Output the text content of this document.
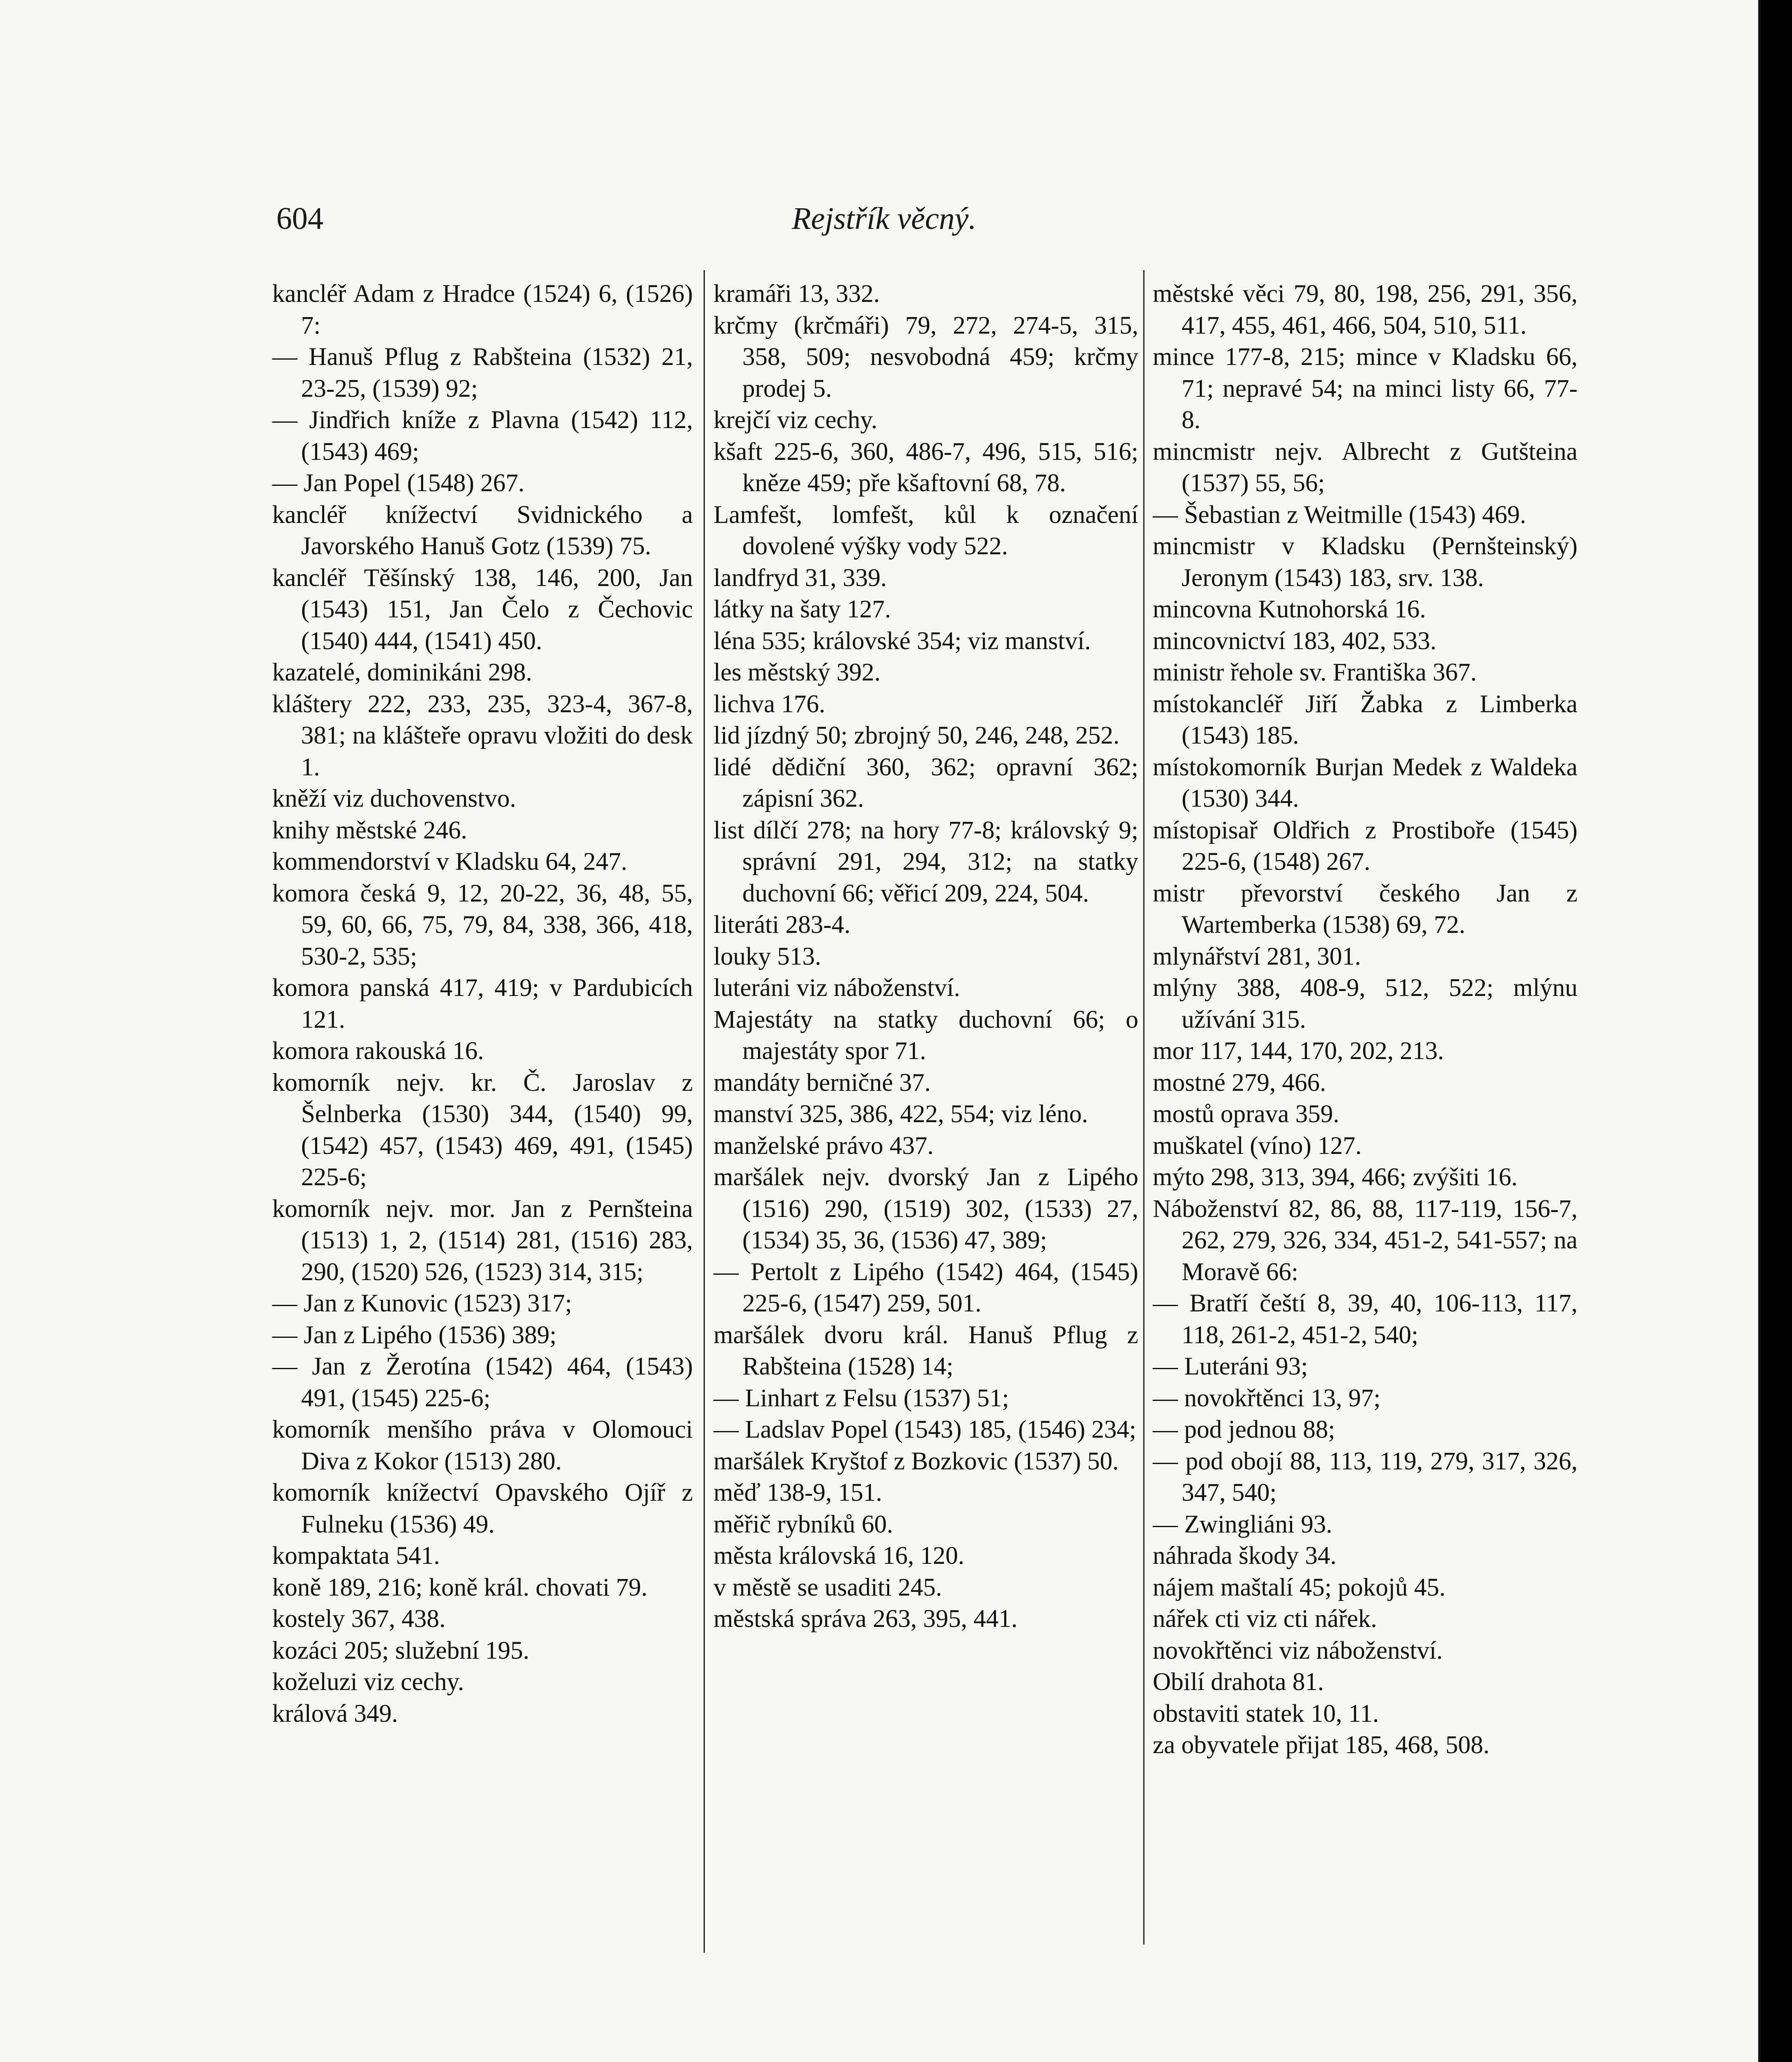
604	Rejstřík věcný.
kancléř Adam z Hradce (1524) 6, (1526) 7:
— Hanuš Pflug z Rabšteina (1532) 21, 23-25, (1539) 92;
— Jindřich kníže z Plavna (1542) 112, (1543) 469;
— Jan Popel (1548) 267.
kancléř knížectví Svidnického a Javorského Hanuš Gotz (1539) 75.
kancléř Těšínský 138, 146, 200, Jan (1543) 151, Jan Čelo z Čechovic (1540) 444, (1541) 450.
kazatelé, dominikáni 298.
kláštery 222, 233, 235, 323-4, 367-8, 381; na klášteře opravu vložiti do desk 1.
kněží viz duchovenstvo.
knihy městské 246.
kommendorství v Kladsku 64, 247.
komora česká 9, 12, 20-22, 36, 48, 55, 59, 60, 66, 75, 79, 84, 338, 366, 418, 530-2, 535;
komora panská 417, 419; v Pardubicích 121.
komora rakouská 16.
komorník nejv. kr. Č. Jaroslav z Šelnberka (1530) 344, (1540) 99, (1542) 457, (1543) 469, 491, (1545) 225-6;
komorník nejv. mor. Jan z Pernšteina (1513) 1, 2, (1514) 281, (1516) 283, 290, (1520) 526, (1523) 314, 315;
— Jan z Kunovic (1523) 317;
— Jan z Lipého (1536) 389;
— Jan z Žerotína (1542) 464, (1543) 491, (1545) 225-6;
komorník menšího práva v Olomouci Diva z Kokor (1513) 280.
komorník knížectví Opavského Ojíř z Fulneku (1536) 49.
kompaktata 541.
koně 189, 216; koně král. chovati 79.
kostely 367, 438.
kozáci 205; služební 195.
koželuzi viz cechy.
králová 349.
kramáři 13, 332.
krčmy (krčmáři) 79, 272, 274-5, 315, 358, 509; nesvobodná 459; krčmy prodej 5.
krejčí viz cechy.
kšaft 225-6, 360, 486-7, 496, 515, 516; kněze 459; pře kšaftovní 68, 78.
Lamfešt, lomfešt, kůl k označení dovolené výšky vody 522.
landfryd 31, 339.
látky na šaty 127.
léna 535; královské 354; viz manství.
les městský 392.
lichva 176.
lid jízdný 50; zbrojný 50, 246, 248, 252.
lidé dědiční 360, 362; opravní 362; zápisní 362.
list dílčí 278; na hory 77-8; královský 9; správní 291, 294, 312; na statky duchovní 66; věřicí 209, 224, 504.
literáti 283-4.
louky 513.
luteráni viz náboženství.
Majestáty na statky duchovní 66; o majestáty spor 71.
mandáty berničné 37.
manství 325, 386, 422, 554; viz léno.
manželské právo 437.
maršálek nejv. dvorský Jan z Lipého (1516) 290, (1519) 302, (1533) 27, (1534) 35, 36, (1536) 47, 389;
— Pertolt z Lipého (1542) 464, (1545) 225-6, (1547) 259, 501.
maršálek dvoru král. Hanuš Pflug z Rabšteina (1528) 14;
— Linhart z Felsu (1537) 51;
— Ladslav Popel (1543) 185, (1546) 234;
maršálek Kryštof z Bozkovic (1537) 50.
měď 138-9, 151.
měřič rybníků 60.
města královská 16, 120.
v městě se usaditi 245.
městská správa 263, 395, 441.
městské věci 79, 80, 198, 256, 291, 356, 417, 455, 461, 466, 504, 510, 511.
mince 177-8, 215; mince v Kladsku 66, 71; nepravé 54; na minci listy 66, 77-8.
mincmistr nejv. Albrecht z Gutšteina (1537) 55, 56;
— Šebastian z Weitmille (1543) 469.
mincmistr v Kladsku (Pernšteinský) Jeronym (1543) 183, srv. 138.
mincovna Kutnohorská 16.
mincovnictví 183, 402, 533.
ministr řehole sv. Františka 367.
místokancléř Jiří Žabka z Limberka (1543) 185.
místokomorník Burjan Medek z Waldeka (1530) 344.
místopisař Oldřich z Prostiboře (1545) 225-6, (1548) 267.
mistr převorství českého Jan z Wartemberka (1538) 69, 72.
mlynářství 281, 301.
mlýny 388, 408-9, 512, 522; mlýnu užívání 315.
mor 117, 144, 170, 202, 213.
mostné 279, 466.
mostů oprava 359.
muškatel (víno) 127.
mýto 298, 313, 394, 466; zvýšiti 16.
Náboženství 82, 86, 88, 117-119, 156-7, 262, 279, 326, 334, 451-2, 541-557; na Moravě 66:
— Bratří čeští 8, 39, 40, 106-113, 117, 118, 261-2, 451-2, 540;
— Luteráni 93;
— novokřtěnci 13, 97;
— pod jednou 88;
— pod obojí 88, 113, 119, 279, 317, 326, 347, 540;
— Zwingliáni 93.
náhrada škody 34.
nájem maštalí 45; pokojů 45.
nářek cti viz cti nářek.
novokřtěnci viz náboženství.
Obilí drahota 81.
obstaviti statek 10, 11.
za obyvatele přijat 185, 468, 508.
